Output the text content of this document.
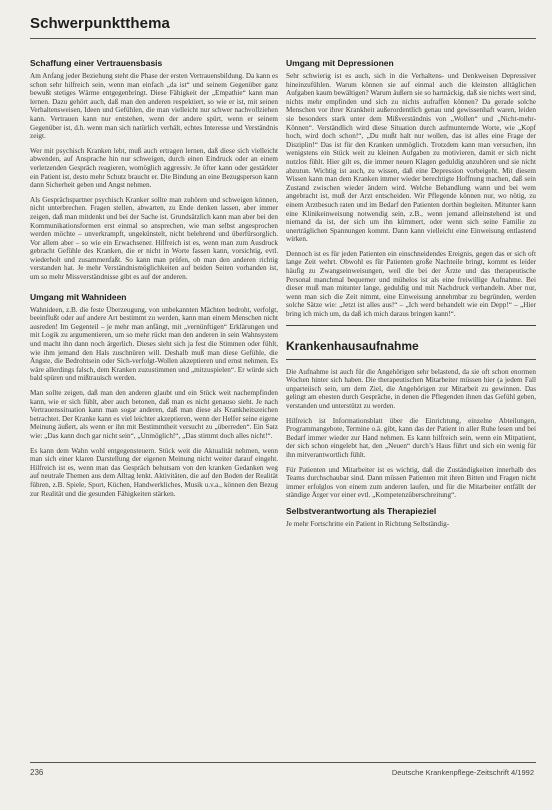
Schwerpunktthema
Schaffung einer Vertrauensbasis

Am Anfang jeder Beziehung steht die Phase der ersten Vertrauensbildung. Da kann es schon sehr hilfreich sein, wenn man einfach „da ist“ und seinem Gegenüber ganz bewußt stetiges Wärme entgegenbringt. Diese Fähigkeit der „Empathie“ kann man lernen. Dazu gehört auch, daß man den anderen respektiert, so wie er ist, mit seinen Verhaltensweisen, Ideen und Gefühlen, die man vielleicht nur schwer nachvollziehen kann. Vertrauen kann nur entstehen, wenn der andere spürt, wenn er seinem Gegenüber ist, d.h. wenn man sich natürlich verhält, echtes Interesse und Verständnis zeigt.

Wer mit psychisch Kranken lebt, muß auch ertragen lernen, daß diese sich vielleicht abwenden, auf Ansprache hin nur schweigen, durch einen Eindruck oder an einem verletzenden Gespräch reagieren, womöglich aggressiv. Je öfter kann oder gestärkter ein Patient ist, desto mehr Schutz braucht er. Die Bindung an eine Bezugsperson kann dann Sicherheit geben und Angst nehmen.

Als Gesprächspartner psychisch Kranker sollte man zuhören und schweigen können, nicht unterbrechen. Fragen stellen, abwarten, zu Ende denken lassen, aber immer zeigen, daß man mitdenkt und bei der Sache ist. Grundsätzlich kann man aber bei den Kommunikationsformen erst einmal so ansprechen, wie man selbst angesprochen werden möchte – unverkrampft, ungekünstelt, nicht belehrend und überfürsorglich. Vor allem aber – so wie ein Erwachsener. Hilfreich ist es, wenn man zum Ausdruck gebracht Gefühle des Kranken, die er nicht in Worte fassen kann, vorsichtig, evtl. wiederholt und zusammenfaßt. So kann man prüfen, ob man den anderen richtig verstanden hat. Je mehr Verständnismöglichkeiten auf beiden Seiten vorhanden ist, um so mehr Missverständnisse gibt es auf der anderen.

Umgang mit Wahnideen

Wahnideen, z.B. die feste Überzeugung, von unbekannten Mächten bedroht, verfolgt, beeinflußt oder auf andere Art bestimmt zu werden, kann man einem Menschen nicht ausreden! Im Gegenteil – je mehr man anfängt, mit „vernünftigen“ Erklärungen und mit Logik zu argumentieren, um so mehr rückt man den anderen in sein Wahnsystem und macht ihn dann noch ärgerlich. Dieses sieht sich ja fest die Stimmen oder fühlt, wie ihm jemand den Hals zuschnüren will. Deshalb muß man diese Gefühle, die Ängste, die Bedrohtsein oder Sich-verfolgt-Wollen akzeptieren und ernst nehmen. Es wäre allerdings falsch, dem Kranken zuzustimmen und „mitzuspielen“. Er würde sich bald spüren und mißtrauisch werden.

Man sollte zeigen, daß man den anderen glaubt und ein Stück weit nachempfinden kann, wie er sich fühlt, aber auch betonen, daß man es nicht genauso sieht. Je nach Vertrauenssituation kann man sogar anderen, daß man diese als Krankheitszeichen betrachtet. Der Kranke kann es viel leichter akzeptieren, wenn der Helfer seine eigene Meinung äußert, als wenn er ihn mit Bestimmtheit versucht zu „überreden“. Ein Satz wie: „Das kann doch gar nicht sein“, „Unmöglich!“, „Das stimmt doch alles nicht!“.

Es kann dem Wahn wohl entgegensteuern. Stück weit die Aktualität nehmen, wenn man sich einer klaren Darstellung der eigenen Meinung nicht weiter darauf eingeht. Hilfreich ist es, wenn man das Gespräch behutsam von den kranken Gedanken weg auf neutrale Themen aus dem Alltag lenkt. Aktivitäten, die auf den Boden der Realität führen, z.B. Spiele, Sport, Küchen, Handwerkliches, Musik u.v.a., können den Bezug zur Realität und die gesunden Fähigkeiten stärken.

Umgang mit Depressionen

Sehr schwierig ist es auch, sich in die Verhaltens- und Denkweisen Depressiver hineinzufühlen. Warum können sie auf einmal auch die kleinsten alltäglichen Aufgaben kaum bewältigen? Warum äußern sie so hartnäckig, daß sie nichts wert sind, nichts mehr empfinden und sich zu nichts aufraffen können? Da gerade solche Menschen vor ihrer Krankheit außerordentlich genau und gewissenhaft waren, leiden sie besonders stark unter dem Mißverständnis von „Wollen“ und „Nicht-mehr-Können“. Verständlich wird diese Situation durch aufmunternde Worte, wie „Kopf hoch, wird doch schon!“, „Du mußt halt nur wollen, das ist alles eine Frage der Disziplin!“ Das ist für den Kranken unmöglich. Trotzdem kann man versuchen, ihn wenigstens ein Stück weit zu kleinen Aufgaben zu motivieren, damit er sich nicht nutzlos fühlt. Hier gilt es, die immer neuen Klagen geduldig anzuhören und sie nicht abzutun. Wichtig ist auch, zu wissen, daß eine Depression vorbeigeht. Mit diesem Wissen kann man dem Kranken immer wieder berechtigte Hoffnung machen, daß sein Zustand zwischen wieder ändern wird. Welche Behandlung wann und bei wem angebracht ist, muß der Arzt entscheiden. Wir Pflegende können nur, wo nötig, zu einem Arztbesuch raten und im Bedarf den Patienten dorthin begleiten. Mitunter kann eine Klinikeinweisung notwendig sein, z.B., wenn jemand alleinstehend ist und niemand da ist, der sich um ihn kümmert, oder wenn sich seine Familie zu unerträglichen Spannungen kommt. Dann kann vielleicht eine Einweisung entlastend wirken.

Dennoch ist es für jeden Patienten ein einschneidendes Ereignis, gegen das er sich oft lange Zeit wehrt. Obwohl es für Patienten große Nachteile bringt, kommt es leider häufig zu Zwangseinweisungen, weil die bei der Ärzte und das therapeutische Personal manchmal bequemer und mühelos ist als eine freiwillige Aufnahme. Bei dieser muß man mitunter lange, geduldig und mit Nachdruck verhandeln. Aber nur, wenn man sich die Zeit nimmt, eine Einweisung annehmbar zu begründen, werden solche Sätze wie: „Jetzt ist alles aus!“ – „Ich werd behandelt wie ein Depp!“ – „Hier bring ich mich um, da daß ich mich daraus bringen kann!“.

Krankenhausaufnahme

Die Aufnahme ist auch für die Angehörigen sehr belastend, da sie oft schon enormen Wochen hinter sich haben. Die therapeutischen Mitarbeiter müssen hier (a jedem Fall unparteiisch sein, um dem Ziel, die Angehörigen zur Mitarbeit zu gewinnen. Das gelingt am ehesten durch Gespräche, in denen die Pflegenden ihnen das Gefühl geben, verstanden und unterstützt zu werden.

Hilfreich ist Informationsblatt über die Einrichtung, einzelne Abteilungen, Programmangebote, Termine o.ä. gibt, kann das der Patient in aller Ruhe lesen und bei Bedarf immer wieder zur Hand nehmen. Es kann hilfreich sein, wenn ein Mitpatient, der sich schon eingelebt hat, den „Neuen“ durch’s Haus führt und sich ein wenig für ihn mitverantwortlich fühlt.

Für Patienten und Mitarbeiter ist es wichtig, daß die Zuständigkeiten innerhalb des Teams durchschaubar sind. Dann müssen Patienten mit ihren Bitten und Fragen nicht immer erfolglos von einem zum anderen laufen, und für die Mitarbeiter entfällt der ständige Ärger vor einer evtl. „Kompetenzüberschreitung“.

Selbstverantwortung als Therapieziel

Je mehr Fortschritte ein Patient in Richtung Selbständig-

236	Deutsche Krankenpflege-Zeitschrift 4/1992
